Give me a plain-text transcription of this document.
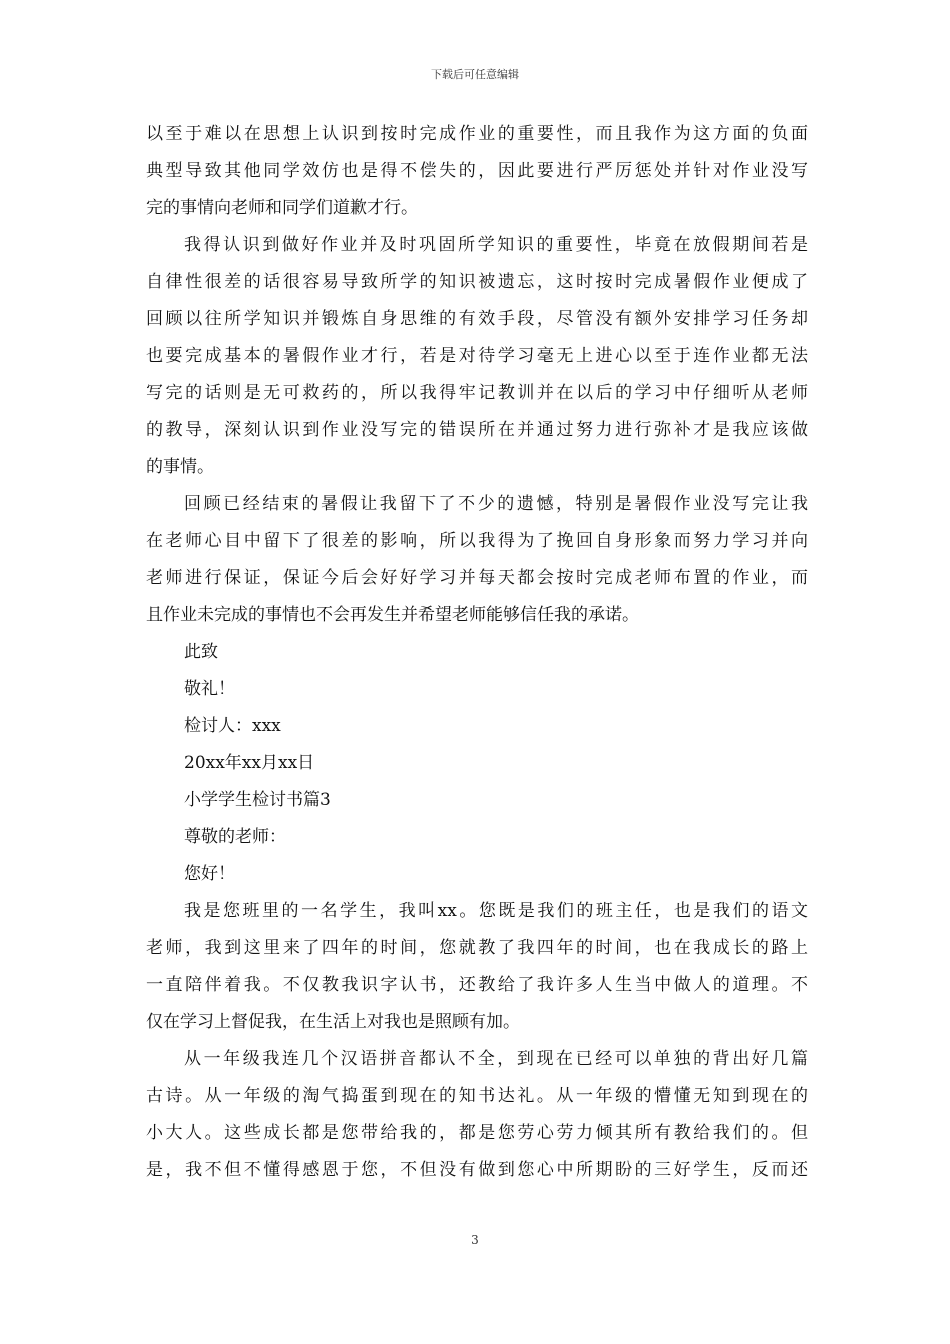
下载后可任意编辑
以至于难以在思想上认识到按时完成作业的重要性，而且我作为这方面的负面
典型导致其他同学效仿也是得不偿失的，因此要进行严厉惩处并针对作业没写
完的事情向老师和同学们道歉才行。
我得认识到做好作业并及时巩固所学知识的重要性，毕竟在放假期间若是
自律性很差的话很容易导致所学的知识被遗忘，这时按时完成暑假作业便成了
回顾以往所学知识并锻炼自身思维的有效手段，尽管没有额外安排学习任务却
也要完成基本的暑假作业才行，若是对待学习毫无上进心以至于连作业都无法
写完的话则是无可救药的，所以我得牢记教训并在以后的学习中仔细听从老师
的教导，深刻认识到作业没写完的错误所在并通过努力进行弥补才是我应该做
的事情。
回顾已经结束的暑假让我留下了不少的遗憾，特别是暑假作业没写完让我
在老师心目中留下了很差的影响，所以我得为了挽回自身形象而努力学习并向
老师进行保证，保证今后会好好学习并每天都会按时完成老师布置的作业，而
且作业未完成的事情也不会再发生并希望老师能够信任我的承诺。
此致
敬礼！
检讨人：xxx
20xx年xx月xx日
小学学生检讨书篇3
尊敬的老师：
您好！
我是您班里的一名学生，我叫xx。您既是我们的班主任，也是我们的语文
老师，我到这里来了四年的时间，您就教了我四年的时间，也在我成长的路上
一直陪伴着我。不仅教我识字认书，还教给了我许多人生当中做人的道理。不
仅在学习上督促我，在生活上对我也是照顾有加。
从一年级我连几个汉语拼音都认不全，到现在已经可以单独的背出好几篇
古诗。从一年级的淘气捣蛋到现在的知书达礼。从一年级的懵懂无知到现在的
小大人。这些成长都是您带给我的，都是您劳心劳力倾其所有教给我们的。但
是，我不但不懂得感恩于您，不但没有做到您心中所期盼的三好学生，反而还
3
